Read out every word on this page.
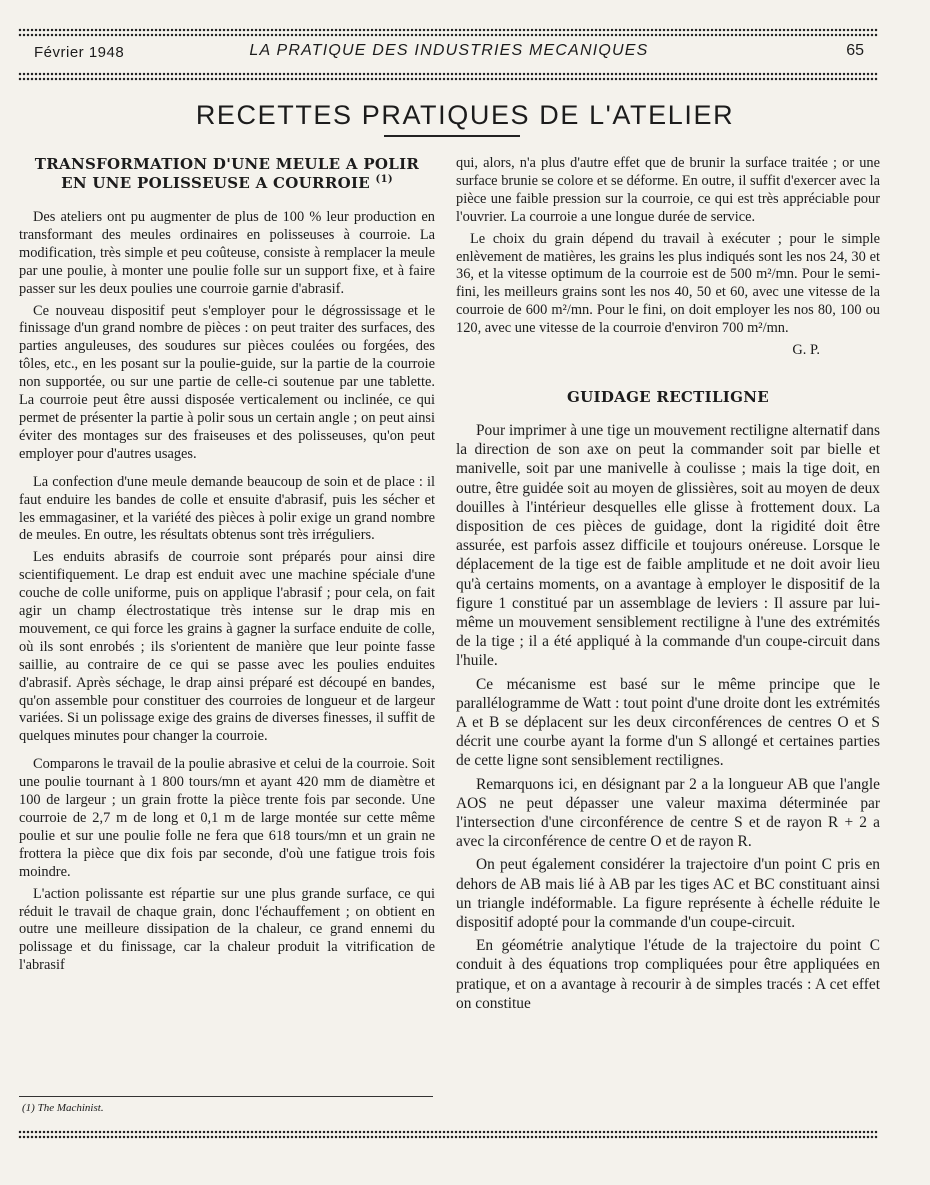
Février 1948	LA PRATIQUE DES INDUSTRIES MECANIQUES	65
RECETTES PRATIQUES DE L'ATELIER
TRANSFORMATION D'UNE MEULE A POLIR
EN UNE POLISSEUSE A COURROIE $^{(1)}$

Des ateliers ont pu augmenter de plus de 100 % leur production en transformant des meules ordinaires en polisseuses à courroie. La modification, très simple et peu coûteuse, consiste à remplacer la meule par une poulie, à monter une poulie folle sur un support fixe, et à faire passer sur les deux poulies une courroie garnie d'abrasif.

Ce nouveau dispositif peut s'employer pour le dégrossissage et le finissage d'un grand nombre de pièces : on peut traiter des surfaces, des parties anguleuses, des soudures sur pièces coulées ou forgées, des tôles, etc., en les posant sur la poulie-guide, sur la partie de la courroie non supportée, ou sur une partie de celle-ci soutenue par une tablette. La courroie peut être aussi disposée verticalement ou inclinée, ce qui permet de présenter la partie à polir sous un certain angle ; on peut ainsi éviter des montages sur des fraiseuses et des polisseuses, qu'on peut employer pour d'autres usages.

La confection d'une meule demande beaucoup de soin et de place : il faut enduire les bandes de colle et ensuite d'abrasif, puis les sécher et les emmagasiner, et la variété des pièces à polir exige un grand nombre de meules. En outre, les résultats obtenus sont très irréguliers.

Les enduits abrasifs de courroie sont préparés pour ainsi dire scientifiquement. Le drap est enduit avec une machine spéciale d'une couche de colle uniforme, puis on applique l'abrasif ; pour cela, on fait agir un champ électrostatique très intense sur le drap mis en mouvement, ce qui force les grains à gagner la surface enduite de colle, où ils sont enrobés ; ils s'orientent de manière que leur pointe fasse saillie, au contraire de ce qui se passe avec les poulies enduites d'abrasif. Après séchage, le drap ainsi préparé est découpé en bandes, qu'on assemble pour constituer des courroies de longueur et de largeur variées. Si un polissage exige des grains de diverses finesses, il suffit de quelques minutes pour changer la courroie.

Comparons le travail de la poulie abrasive et celui de la courroie. Soit une poulie tournant à 1 800 tours/mn et ayant 420 mm de diamètre et 100 de largeur ; un grain frotte la pièce trente fois par seconde. Une courroie de 2,7 m de long et 0,1 m de large montée sur cette même poulie et sur une poulie folle ne fera que 618 tours/mn et un grain ne frottera la pièce que dix fois par seconde, d'où une fatigue trois fois moindre.

L'action polissante est répartie sur une plus grande surface, ce qui réduit le travail de chaque grain, donc l'échauffement ; on obtient en outre une meilleure dissipation de la chaleur, ce grand ennemi du polissage et du finissage, car la chaleur produit la vitrification de l'abrasif

(1) The Machinist.

qui, alors, n'a plus d'autre effet que de brunir la surface traitée ; or une surface brunie se colore et se déforme. En outre, il suffit d'exercer avec la pièce une faible pression sur la courroie, ce qui est très appréciable pour l'ouvrier. La courroie a une longue durée de service.

Le choix du grain dépend du travail à exécuter ; pour le simple enlèvement de matières, les grains les plus indiqués sont les nos 24, 30 et 36, et la vitesse optimum de la courroie est de 500 m²/mn. Pour le semi-fini, les meilleurs grains sont les nos 40, 50 et 60, avec une vitesse de la courroie de 600 m²/mn. Pour le fini, on doit employer les nos 80, 100 ou 120, avec une vitesse de la courroie d'environ 700 m²/mn.

G. P.

GUIDAGE RECTILIGNE

Pour imprimer à une tige un mouvement rectiligne alternatif dans la direction de son axe on peut la commander soit par bielle et manivelle, soit par une manivelle à coulisse ; mais la tige doit, en outre, être guidée soit au moyen de glissières, soit au moyen de deux douilles à l'intérieur desquelles elle glisse à frottement doux. La disposition de ces pièces de guidage, dont la rigidité doit être assurée, est parfois assez difficile et toujours onéreuse. Lorsque le déplacement de la tige est de faible amplitude et ne doit avoir lieu qu'à certains moments, on a avantage à employer le dispositif de la figure 1 constitué par un assemblage de leviers : Il assure par lui-même un mouvement sensiblement rectiligne à l'une des extrémités de la tige ; il a été appliqué à la commande d'un coupe-circuit dans l'huile.

Ce mécanisme est basé sur le même principe que le parallélogramme de Watt : tout point d'une droite dont les extrémités A et B se déplacent sur les deux circonférences de centres O et S décrit une courbe ayant la forme d'un S allongé et certaines parties de cette ligne sont sensiblement rectilignes.

Remarquons ici, en désignant par 2 a la longueur AB que l'angle AOS ne peut dépasser une valeur maxima déterminée par l'intersection d'une circonférence de centre S et de rayon R + 2 a avec la circonférence de centre O et de rayon R.

On peut également considérer la trajectoire d'un point C pris en dehors de AB mais lié à AB par les tiges AC et BC constituant ainsi un triangle indéformable. La figure représente à échelle réduite le dispositif adopté pour la commande d'un coupe-circuit.

En géométrie analytique l'étude de la trajectoire du point C conduit à des équations trop compliquées pour être appliquées en pratique, et on a avantage à recourir à de simples tracés : A cet effet on constitue
